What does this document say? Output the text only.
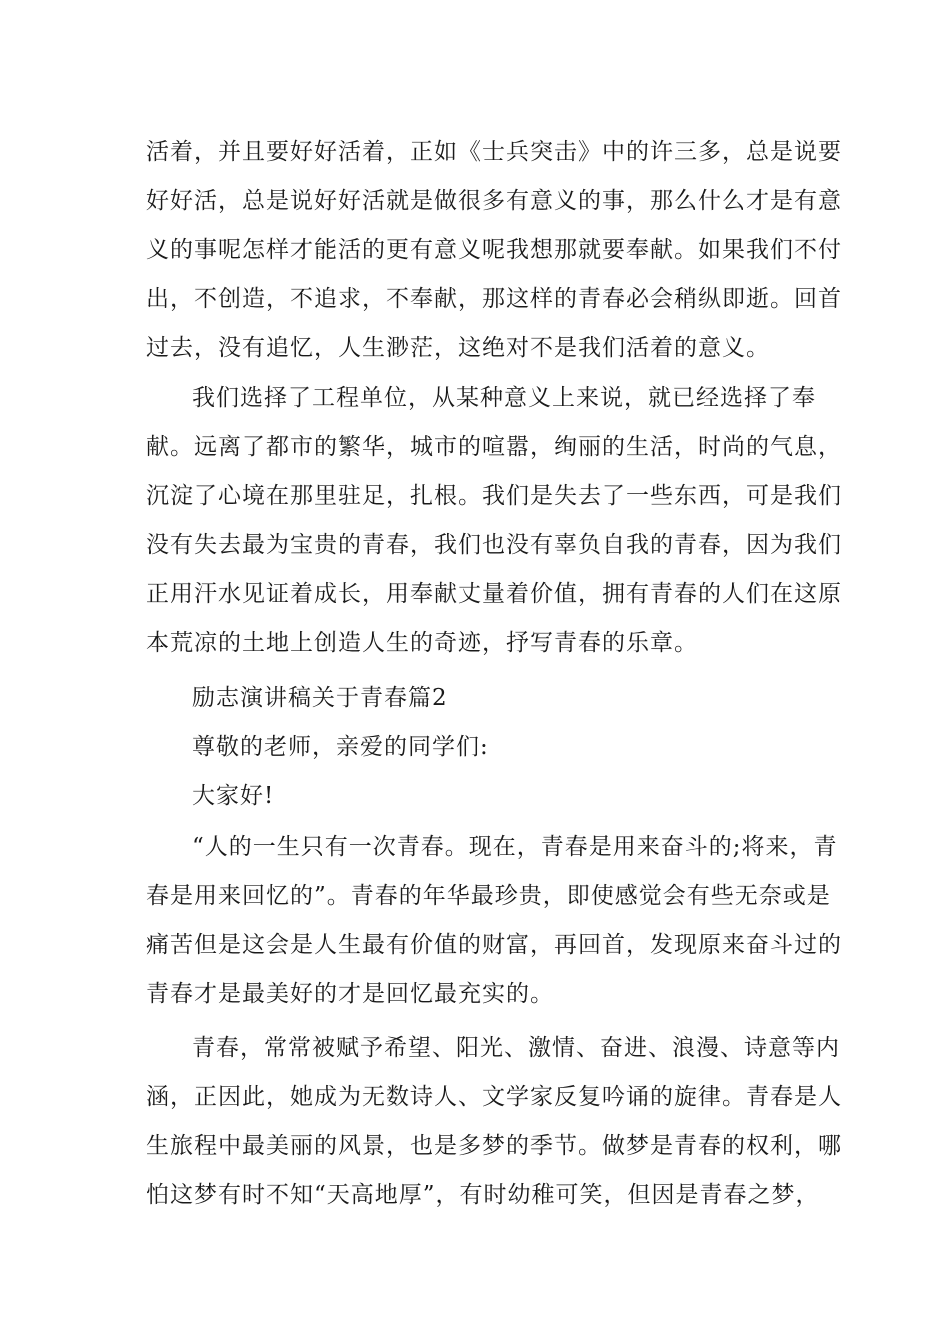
活着，并且要好好活着，正如《士兵突击》中的许三多，总是说要
好好活，总是说好好活就是做很多有意义的事，那么什么才是有意
义的事呢怎样才能活的更有意义呢我想那就要奉献。如果我们不付
出，不创造，不追求，不奉献，那这样的青春必会稍纵即逝。回首
过去，没有追忆，人生渺茫，这绝对不是我们活着的意义。
我们选择了工程单位，从某种意义上来说，就已经选择了奉
献。远离了都市的繁华，城市的喧嚣，绚丽的生活，时尚的气息，
沉淀了心境在那里驻足，扎根。我们是失去了一些东西，可是我们
没有失去最为宝贵的青春，我们也没有辜负自我的青春，因为我们
正用汗水见证着成长，用奉献丈量着价值，拥有青春的人们在这原
本荒凉的土地上创造人生的奇迹，抒写青春的乐章。
励志演讲稿关于青春篇2
尊敬的老师，亲爱的同学们:
大家好!
“人的一生只有一次青春。现在，青春是用来奋斗的;将来，青
春是用来回忆的”。青春的年华最珍贵，即使感觉会有些无奈或是
痛苦但是这会是人生最有价值的财富，再回首，发现原来奋斗过的
青春才是最美好的才是回忆最充实的。
青春，常常被赋予希望、阳光、激情、奋进、浪漫、诗意等内
涵，正因此，她成为无数诗人、文学家反复吟诵的旋律。青春是人
生旅程中最美丽的风景，也是多梦的季节。做梦是青春的权利，哪
怕这梦有时不知“天高地厚”，有时幼稚可笑，但因是青春之梦，
